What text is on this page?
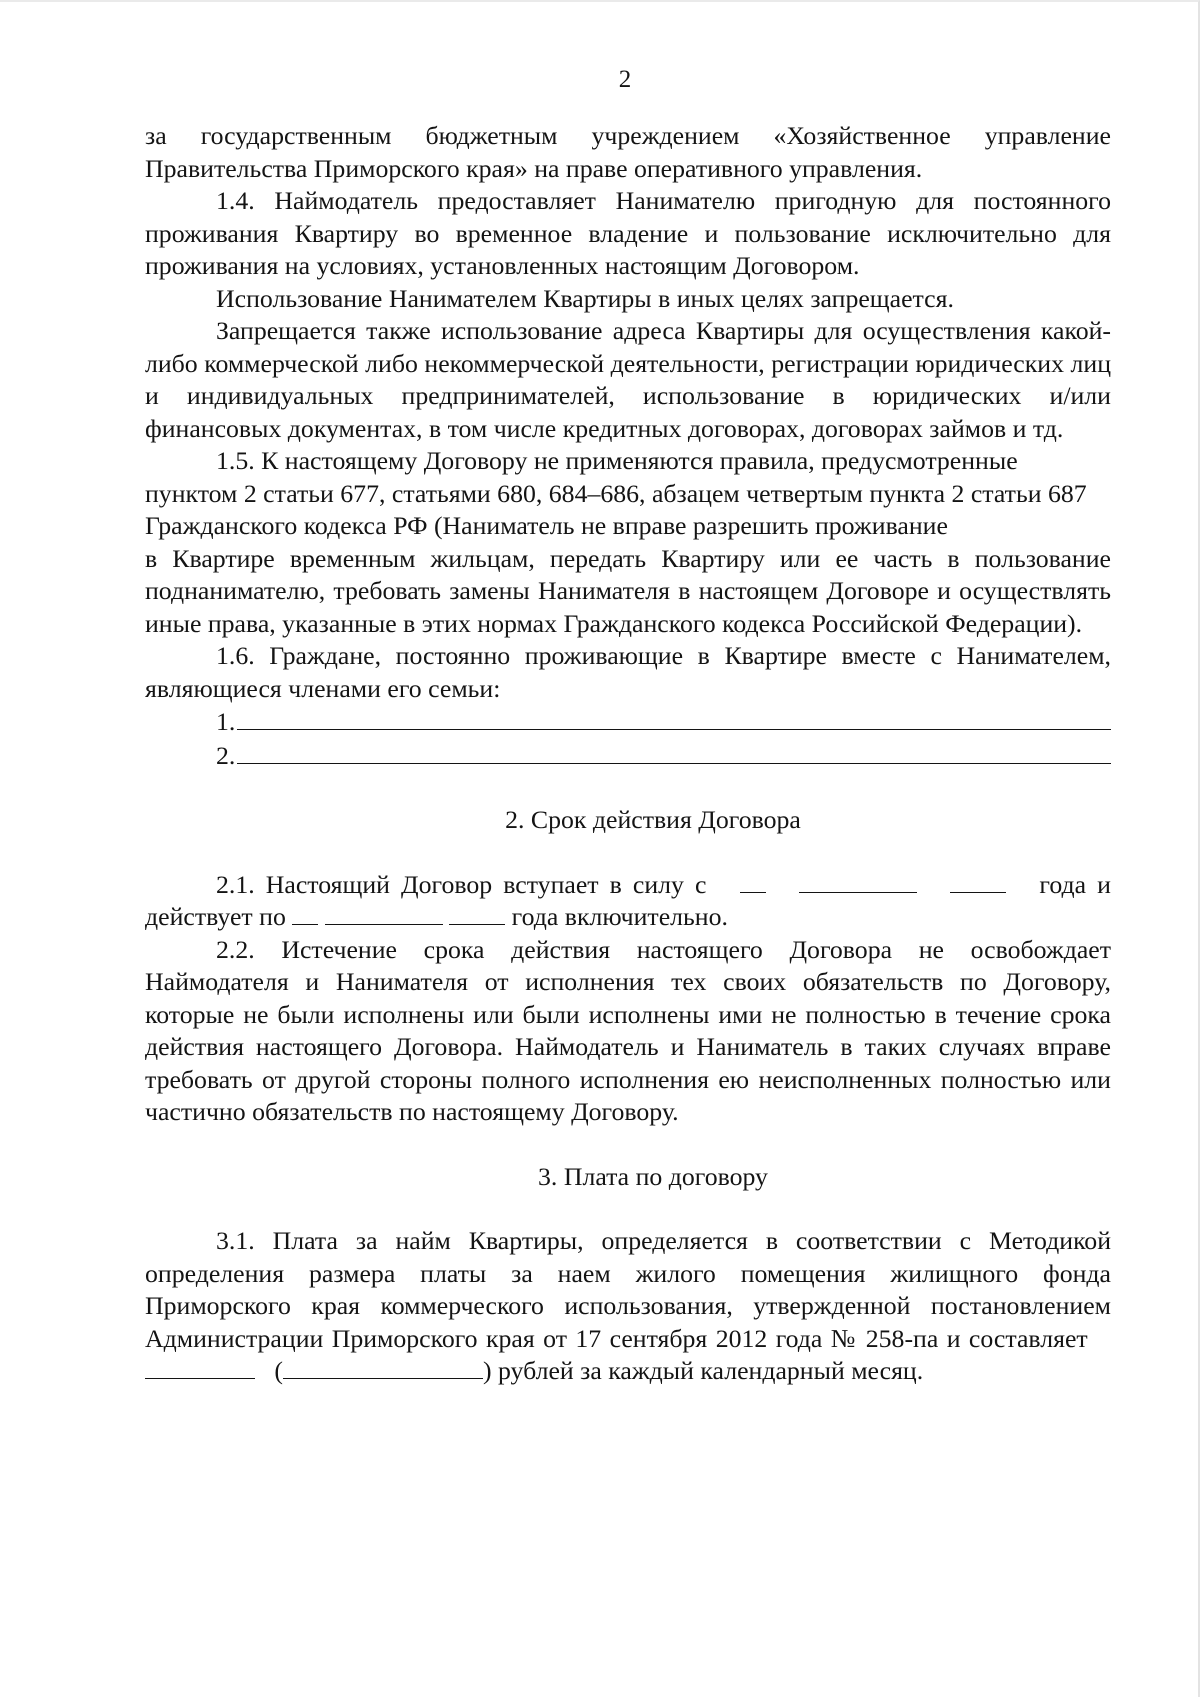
2

за государственным бюджетным учреждением «Хозяйственное управление Правительства Приморского края» на праве оперативного управления.

1.4. Наймодатель предоставляет Нанимателю пригодную для постоянного проживания Квартиру во временное владение и пользование исключительно для проживания на условиях, установленных настоящим Договором.

Использование Нанимателем Квартиры в иных целях запрещается.

Запрещается также использование адреса Квартиры для осуществления какой-либо коммерческой либо некоммерческой деятельности, регистрации юридических лиц и индивидуальных предпринимателей, использование в юридических и/или финансовых документах, в том числе кредитных договорах, договорах займов и тд.

1.5. К настоящему Договору не применяются правила, предусмотренные пунктом 2 статьи 677, статьями 680, 684–686, абзацем четвертым пункта 2 статьи 687 Гражданского кодекса РФ (Наниматель не вправе разрешить проживание

в Квартире временным жильцам, передать Квартиру или ее часть в пользование поднанимателю, требовать замены Нанимателя в настоящем Договоре и осуществлять иные права, указанные в этих нормах Гражданского кодекса Российской Федерации).

1.6. Граждане, постоянно проживающие в Квартире вместе с Нанимателем, являющиеся членами его семьи:

1.
2.

2. Срок действия Договора

2.1. Настоящий Договор вступает в силу с	года и действует по	года включительно.

2.2. Истечение срока действия настоящего Договора не освобождает Наймодателя и Нанимателя от исполнения тех своих обязательств по Договору, которые не были исполнены или были исполнены ими не полностью в течение срока действия настоящего Договора. Наймодатель и Наниматель в таких случаях вправе требовать от другой стороны полного исполнения ею неисполненных полностью или частично обязательств по настоящему Договору.

3. Плата по договору

3.1. Плата за найм Квартиры, определяется в соответствии с Методикой определения размера платы за наем жилого помещения жилищного фонда Приморского края коммерческого использования, утвержденной постановлением Администрации Приморского края от 17 сентября 2012 года № 258-па и составляет      (	) рублей за каждый календарный месяц.
